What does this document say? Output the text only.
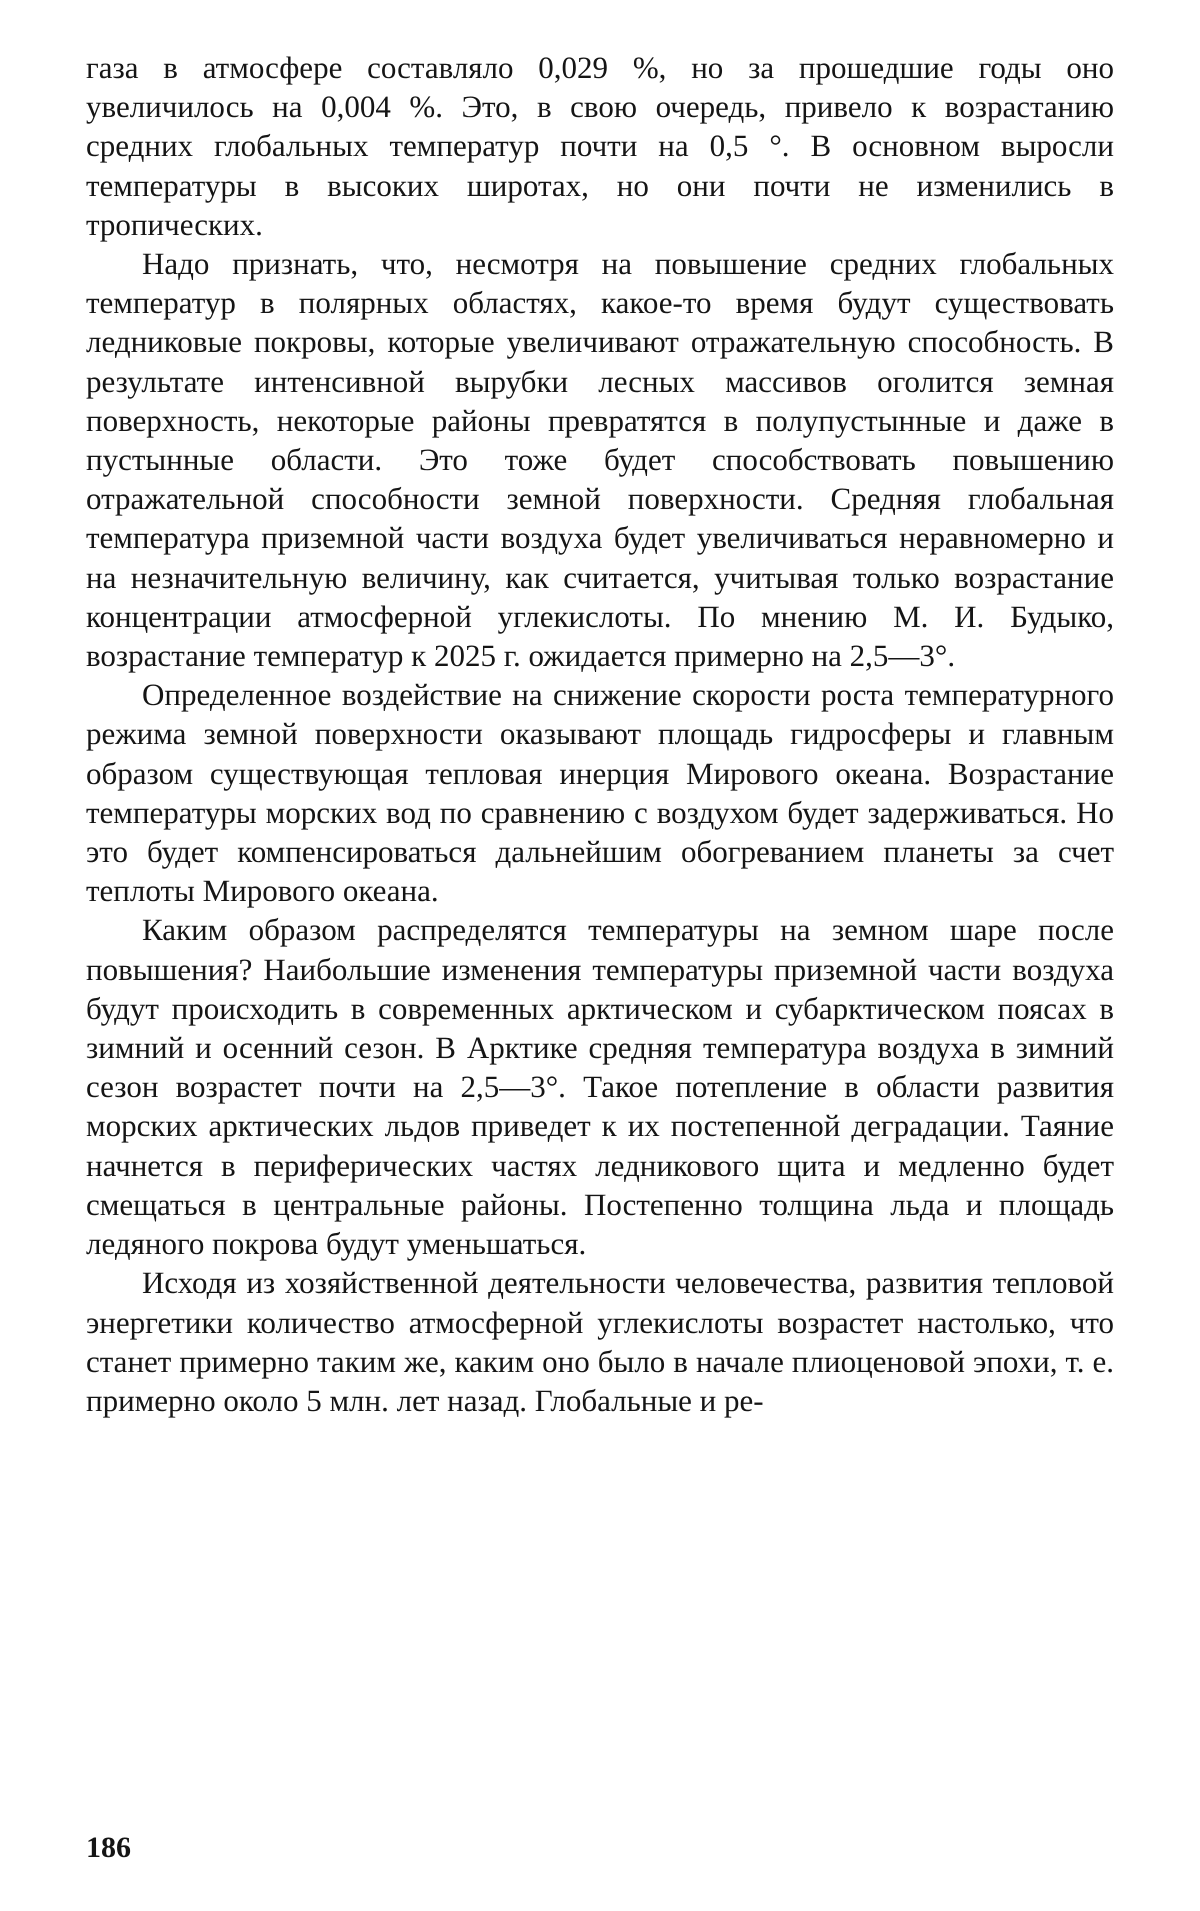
газа в атмосфере составляло 0,029 %, но за прошедшие годы оно увеличилось на 0,004 %. Это, в свою очередь, привело к возрастанию средних глобальных температур почти на 0,5 °. В основном выросли температуры в высоких широтах, но они почти не изменились в тропических.

Надо признать, что, несмотря на повышение средних глобальных температур в полярных областях, какое-то время будут существовать ледниковые покровы, которые увеличивают отражательную способность. В результате интенсивной вырубки лесных массивов оголится земная поверхность, некоторые районы превратятся в полупустынные и даже в пустынные области. Это тоже будет способствовать повышению отражательной способности земной поверхности. Средняя глобальная температура приземной части воздуха будет увеличиваться неравномерно и на незначительную величину, как считается, учитывая только возрастание концентрации атмосферной углекислоты. По мнению М. И. Будыко, возрастание температур к 2025 г. ожидается примерно на 2,5—3°.

Определенное воздействие на снижение скорости роста температурного режима земной поверхности оказывают площадь гидросферы и главным образом существующая тепловая инерция Мирового океана. Возрастание температуры морских вод по сравнению с воздухом будет задерживаться. Но это будет компенсироваться дальнейшим обогреванием планеты за счет теплоты Мирового океана.

Каким образом распределятся температуры на земном шаре после повышения? Наибольшие изменения температуры приземной части воздуха будут происходить в современных арктическом и субарктическом поясах в зимний и осенний сезон. В Арктике средняя температура воздуха в зимний сезон возрастет почти на 2,5—3°. Такое потепление в области развития морских арктических льдов приведет к их постепенной деградации. Таяние начнется в периферических частях ледникового щита и медленно будет смещаться в центральные районы. Постепенно толщина льда и площадь ледяного покрова будут уменьшаться.

Исходя из хозяйственной деятельности человечества, развития тепловой энергетики количество атмосферной углекислоты возрастет настолько, что станет примерно таким же, каким оно было в начале плиоценовой эпохи, т. е. примерно около 5 млн. лет назад. Глобальные и ре-

186
